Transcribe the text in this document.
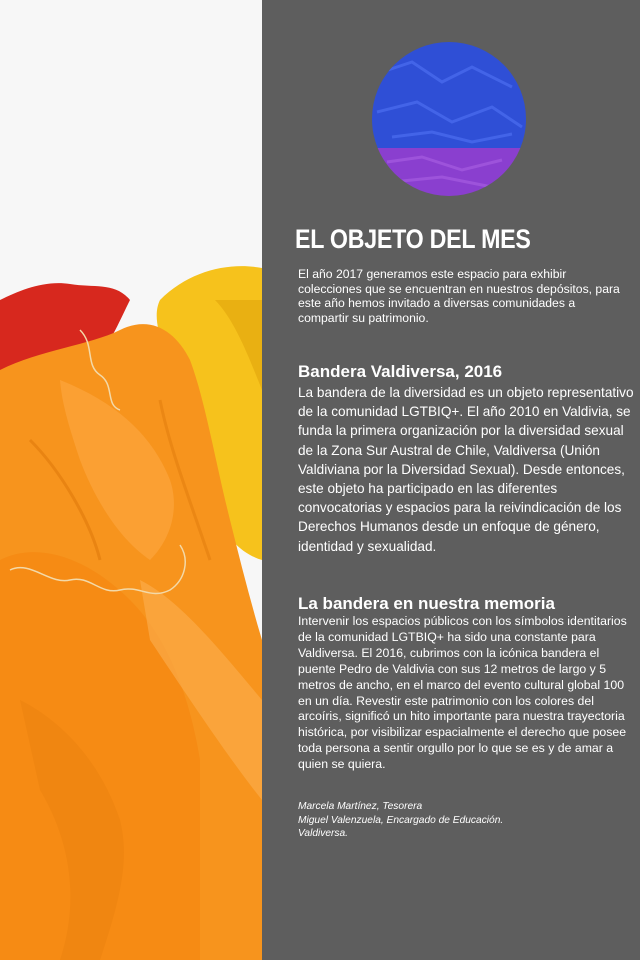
EL OBJETO DEL MES

El año 2017 generamos este espacio para exhibir colecciones que se encuentran en nuestros depósitos, para este año hemos invitado a diversas comunidades a compartir su patrimonio.

Bandera Valdiversa, 2016

La bandera de la diversidad es un objeto representativo de la comunidad LGTBIQ+. El año 2010 en Valdivia, se funda la primera organización por la diversidad sexual de la Zona Sur Austral de Chile, Valdiversa (Unión Valdiviana por la Diversidad Sexual). Desde entonces, este objeto ha participado en las diferentes convocatorias y espacios para la reivindicación de los Derechos Humanos desde un enfoque de género, identidad y sexualidad.

La bandera en nuestra memoria

Intervenir los espacios públicos con los símbolos identitarios de la comunidad LGTBIQ+ ha sido una constante para Valdiversa. El 2016, cubrimos con la icónica bandera el puente Pedro de Valdivia con sus 12 metros de largo y 5 metros de ancho, en el marco del evento cultural global 100 en un día. Revestir este patrimonio con los colores del arcoíris, significó un hito importante para nuestra trayectoria histórica, por visibilizar espacialmente el derecho que posee toda persona a sentir orgullo por lo que se es y de amar a quien se quiera.

Marcela Martínez, Tesorera
Miguel Valenzuela, Encargado de Educación.
Valdiversa.
